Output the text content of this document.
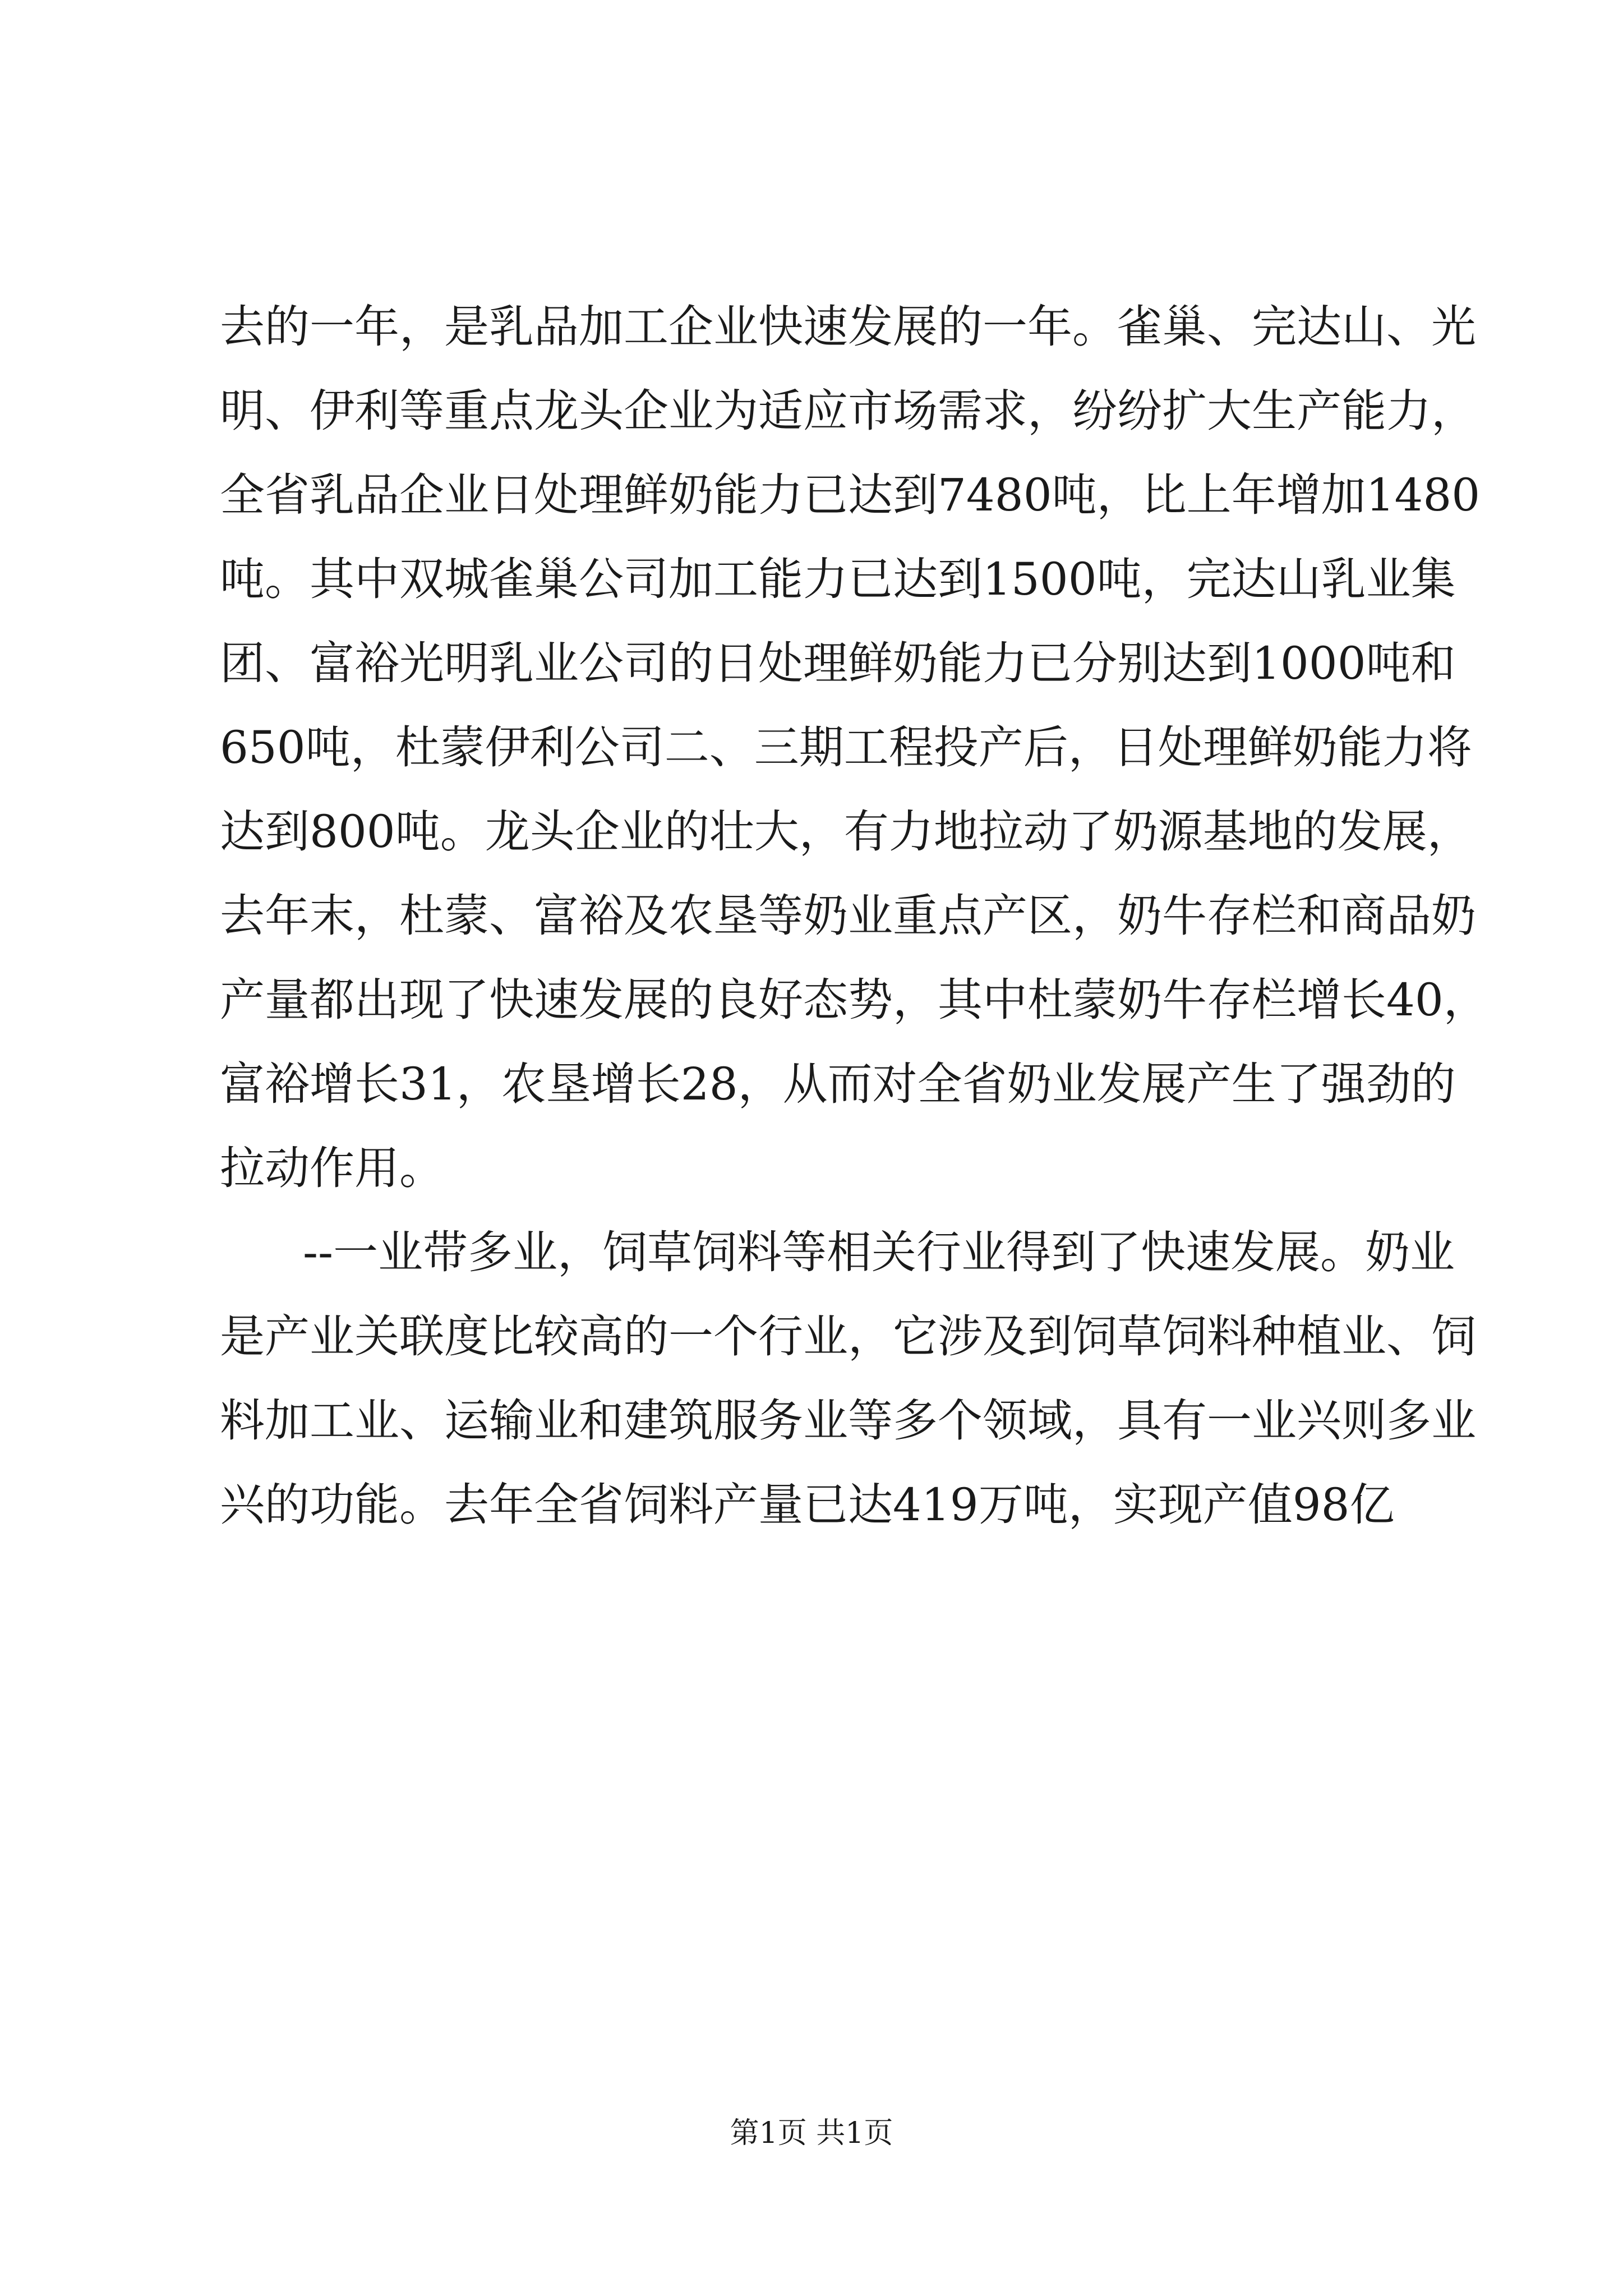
去的一年，是乳品加工企业快速发展的一年。雀巢、完达山、光
明、伊利等重点龙头企业为适应市场需求，纷纷扩大生产能力，
全省乳品企业日处理鲜奶能力已达到7480吨，比上年增加1480
吨。其中双城雀巢公司加工能力已达到1500吨，完达山乳业集
团、富裕光明乳业公司的日处理鲜奶能力已分别达到1000吨和
650吨，杜蒙伊利公司二、三期工程投产后，日处理鲜奶能力将
达到800吨。龙头企业的壮大，有力地拉动了奶源基地的发展，
去年末，杜蒙、富裕及农垦等奶业重点产区，奶牛存栏和商品奶
产量都出现了快速发展的良好态势，其中杜蒙奶牛存栏增长40，
富裕增长31，农垦增长28，从而对全省奶业发展产生了强劲的
拉动作用。
--一业带多业，饲草饲料等相关行业得到了快速发展。奶业
是产业关联度比较高的一个行业，它涉及到饲草饲料种植业、饲
料加工业、运输业和建筑服务业等多个领域，具有一业兴则多业
兴的功能。去年全省饲料产量已达419万吨，实现产值98亿
第1页 共1页
